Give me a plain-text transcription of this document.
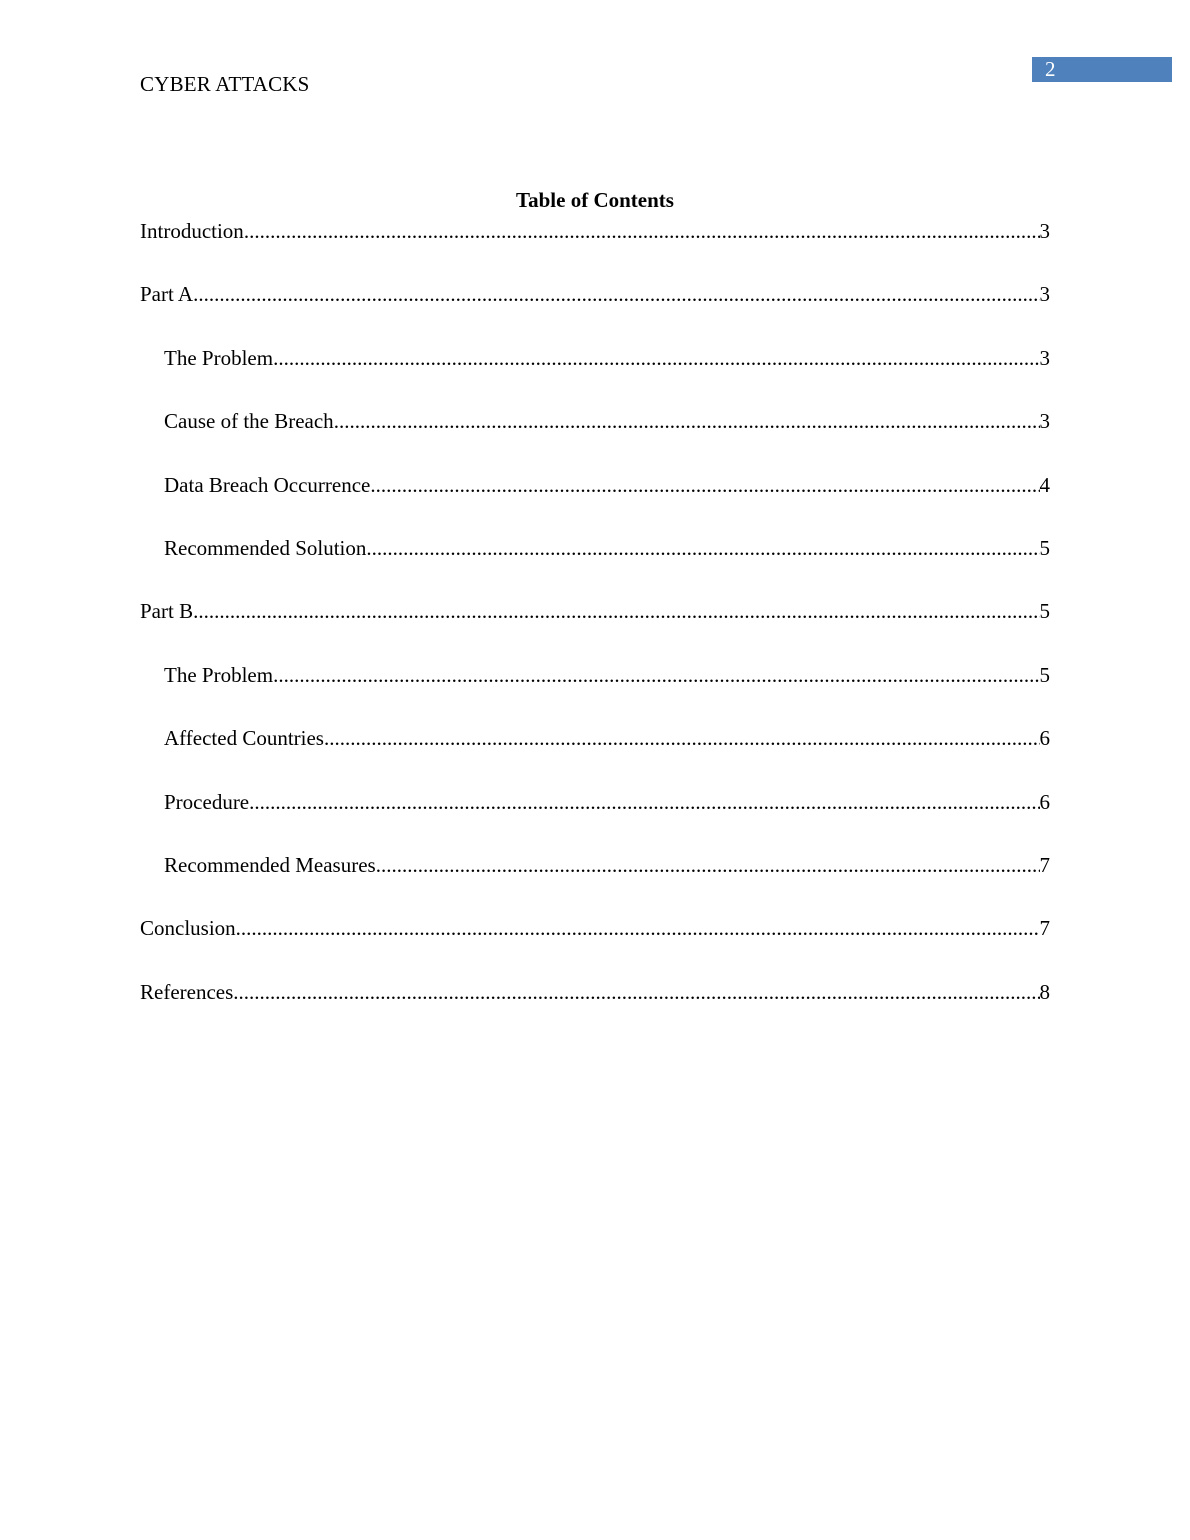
2
CYBER ATTACKS
Table of Contents
Introduction .....	3
Part A .....	3
The Problem .....	3
Cause of the Breach .....	3
Data Breach Occurrence .....	4
Recommended Solution .....	5
Part B .....	5
The Problem .....	5
Affected Countries .....	6
Procedure .....	6
Recommended Measures .....	7
Conclusion .....	7
References .....	8
